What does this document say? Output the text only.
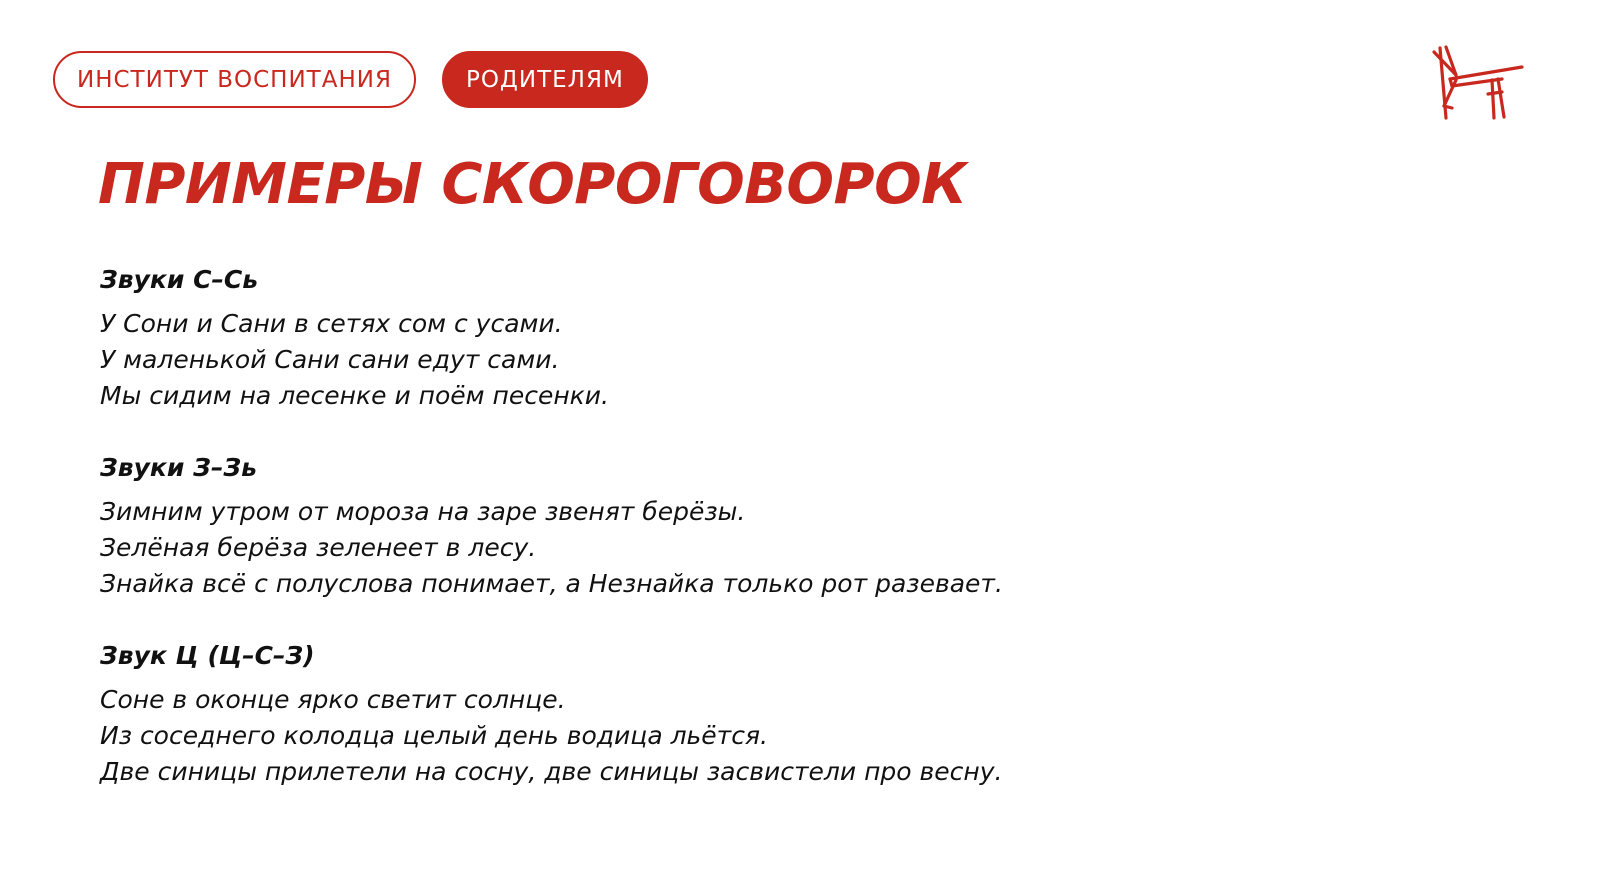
ИНСТИТУТ ВОСПИТАНИЯ	РОДИТЕЛЯМ
ПРИМЕРЫ СКОРОГОВОРОК

Звуки С–Сь

У Сони и Сани в сетях сом с усами.

У маленькой Сани сани едут сами.

Мы сидим на лесенке и поём песенки.

Звуки З–Зь

Зимним утром от мороза на заре звенят берёзы.

Зелёная берёза зеленеет в лесу.

Знайка всё с полуслова понимает, а Незнайка только рот разевает.

Звук Ц (Ц–С–З)

Соне в оконце ярко светит солнце.

Из соседнего колодца целый день водица льётся.

Две синицы прилетели на сосну, две синицы засвистели про весну.
